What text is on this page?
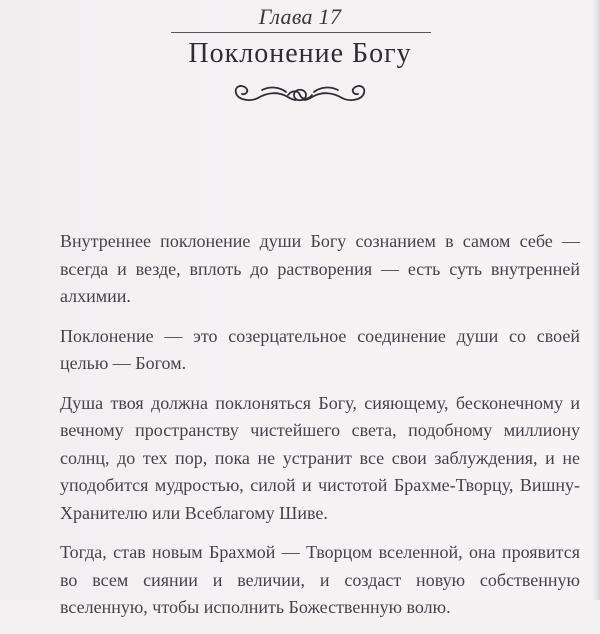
Глава 17
Поклонение Богу

Внутреннее поклонение души Богу сознанием в самом себе — всегда и везде, вплоть до растворения — есть суть внутренней алхимии.

Поклонение — это созерцательное соединение души со своей целью — Богом.

Душа твоя должна поклоняться Богу, сияющему, бесконечному и вечному пространству чистейшего света, подобному миллиону солнц, до тех пор, пока не устранит все свои заблуждения, и не уподобится мудростью, силой и чистотой Брахме-Творцу, Вишну-Хранителю или Всеблагому Шиве.

Тогда, став новым Брахмой — Творцом вселенной, она проявится во всем сиянии и величии, и создаст новую собственную вселенную, чтобы исполнить Божественную волю.
